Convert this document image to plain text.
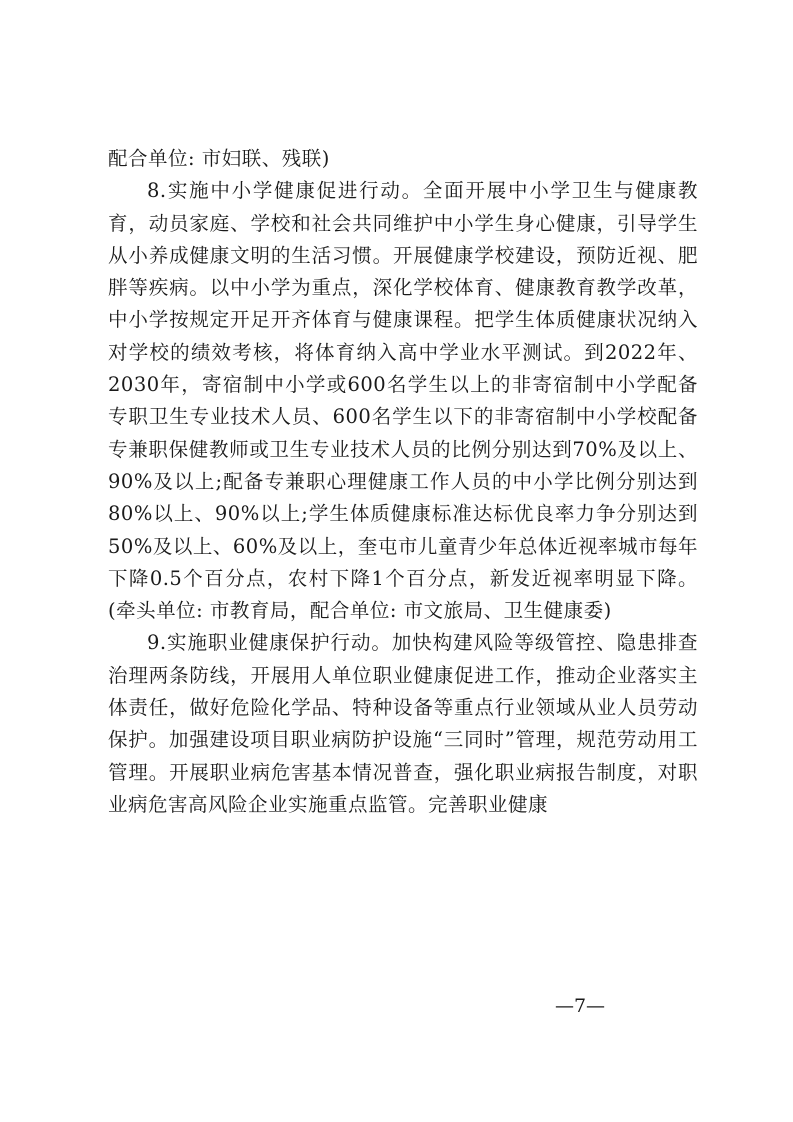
配合单位: 市妇联、残联)

8.实施中小学健康促进行动。全面开展中小学卫生与健康教育，动员家庭、学校和社会共同维护中小学生身心健康，引导学生从小养成健康文明的生活习惯。开展健康学校建设，预防近视、肥胖等疾病。以中小学为重点，深化学校体育、健康教育教学改革，中小学按规定开足开齐体育与健康课程。把学生体质健康状况纳入对学校的绩效考核，将体育纳入高中学业水平测试。到2022年、2030年，寄宿制中小学或600名学生以上的非寄宿制中小学配备专职卫生专业技术人员、600名学生以下的非寄宿制中小学校配备专兼职保健教师或卫生专业技术人员的比例分别达到70%及以上、90%及以上;配备专兼职心理健康工作人员的中小学比例分别达到80%以上、90%以上;学生体质健康标准达标优良率力争分别达到50%及以上、60%及以上，奎屯市儿童青少年总体近视率城市每年下降0.5个百分点，农村下降1个百分点，新发近视率明显下降。(牵头单位: 市教育局，配合单位: 市文旅局、卫生健康委)

9.实施职业健康保护行动。加快构建风险等级管控、隐患排查治理两条防线，开展用人单位职业健康促进工作，推动企业落实主体责任，做好危险化学品、特种设备等重点行业领域从业人员劳动保护。加强建设项目职业病防护设施“三同时”管理，规范劳动用工管理。开展职业病危害基本情况普查，强化职业病报告制度，对职业病危害高风险企业实施重点监管。完善职业健康

—7—
